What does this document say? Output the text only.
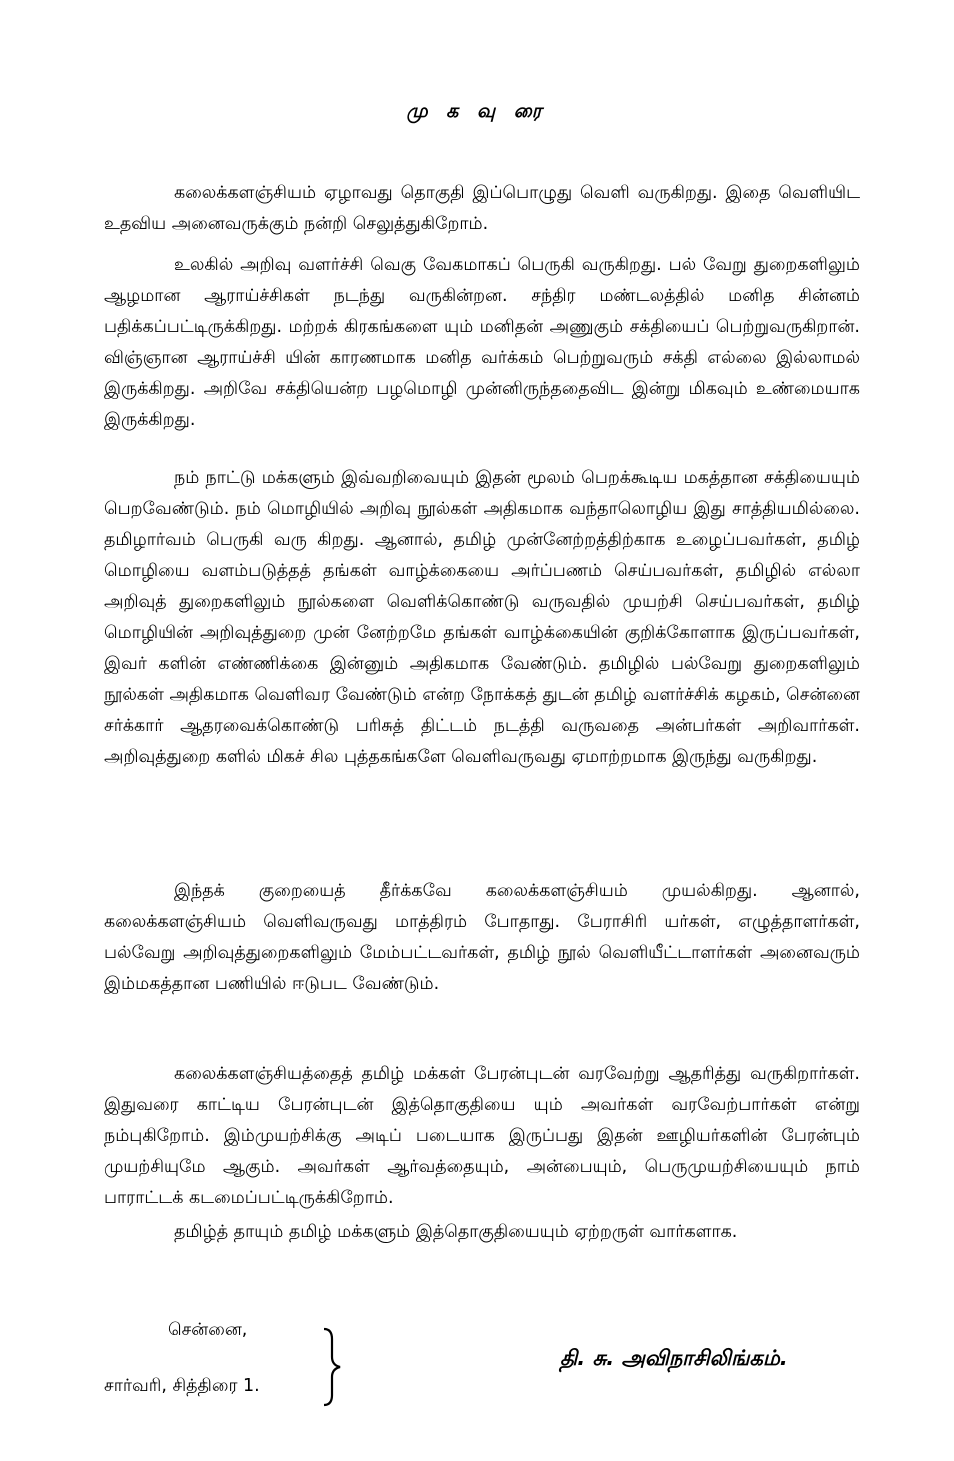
மு க வு ரை

கலைக்களஞ்சியம் ஏழாவது தொகுதி இப்பொழுது வெளி வருகிறது. இதை வெளியிட உதவிய அனைவருக்கும் நன்றி செலுத்துகிறோம்.

உலகில் அறிவு வளர்ச்சி வெகு வேகமாகப் பெருகி வருகிறது. பல் வேறு துறைகளிலும் ஆழமான ஆராய்ச்சிகள் நடந்து வருகின்றன. சந்திர மண்டலத்தில் மனித சின்னம் பதிக்கப்பட்டிருக்கிறது. மற்றக் கிரகங்களை யும் மனிதன் அணுகும் சக்தியைப் பெற்றுவருகிறான். விஞ்ஞான ஆராய்ச்சி யின் காரணமாக மனித வர்க்கம் பெற்றுவரும் சக்தி எல்லை இல்லாமல் இருக்கிறது. அறிவே சக்தியென்ற பழமொழி முன்னிருந்ததைவிட இன்று மிகவும் உண்மையாக இருக்கிறது.

நம் நாட்டு மக்களும் இவ்வறிவையும் இதன் மூலம் பெறக்கூடிய மகத்தான சக்தியையும் பெறவேண்டும். நம் மொழியில் அறிவு நூல்கள் அதிகமாக வந்தாலொழிய இது சாத்தியமில்லை. தமிழார்வம் பெருகி வரு கிறது. ஆனால், தமிழ் முன்னேற்றத்திற்காக உழைப்பவர்கள், தமிழ் மொழியை வளம்படுத்தத் தங்கள் வாழ்க்கையை அர்ப்பணம் செய்பவர்கள், தமிழில் எல்லா அறிவுத் துறைகளிலும் நூல்களை வெளிக்கொண்டு வருவதில் முயற்சி செய்பவர்கள், தமிழ் மொழியின் அறிவுத்துறை முன் னேற்றமே தங்கள் வாழ்க்கையின் குறிக்கோளாக இருப்பவர்கள், இவர் களின் எண்ணிக்கை இன்னும் அதிகமாக வேண்டும். தமிழில் பல்வேறு துறைகளிலும் நூல்கள் அதிகமாக வெளிவர வேண்டும் என்ற நோக்கத் துடன் தமிழ் வளர்ச்சிக் கழகம், சென்னை சர்க்கார் ஆதரவைக்கொண்டு பரிசுத் திட்டம் நடத்தி வருவதை அன்பர்கள் அறிவார்கள். அறிவுத்துறை களில் மிகச் சில புத்தகங்களே வெளிவருவது ஏமாற்றமாக இருந்து வருகிறது.

இந்தக் குறையைத் தீர்க்கவே கலைக்களஞ்சியம் முயல்கிறது. ஆனால், கலைக்களஞ்சியம் வெளிவருவது மாத்திரம் போதாது. பேராசிரி யர்கள், எழுத்தாளர்கள், பல்வேறு அறிவுத்துறைகளிலும் மேம்பட்டவர்கள், தமிழ் நூல் வெளியீட்டாளர்கள் அனைவரும் இம்மகத்தான பணியில் ஈடுபட வேண்டும்.

கலைக்களஞ்சியத்தைத் தமிழ் மக்கள் பேரன்புடன் வரவேற்று ஆதரித்து வருகிறார்கள். இதுவரை காட்டிய பேரன்புடன் இத்தொகுதியை யும் அவர்கள் வரவேற்பார்கள் என்று நம்புகிறோம். இம்முயற்சிக்கு அடிப் படையாக இருப்பது இதன் ஊழியர்களின் பேரன்பும் முயற்சியுமே ஆகும். அவர்கள் ஆர்வத்தையும், அன்பையும், பெருமுயற்சியையும் நாம் பாராட்டக் கடமைப்பட்டிருக்கிறோம்.

தமிழ்த் தாயும் தமிழ் மக்களும் இத்தொகுதியையும் ஏற்றருள் வார்களாக.

சென்னை,
சார்வரி, சித்திரை 1.
தி. சு. அவிநாசிலிங்கம்.
